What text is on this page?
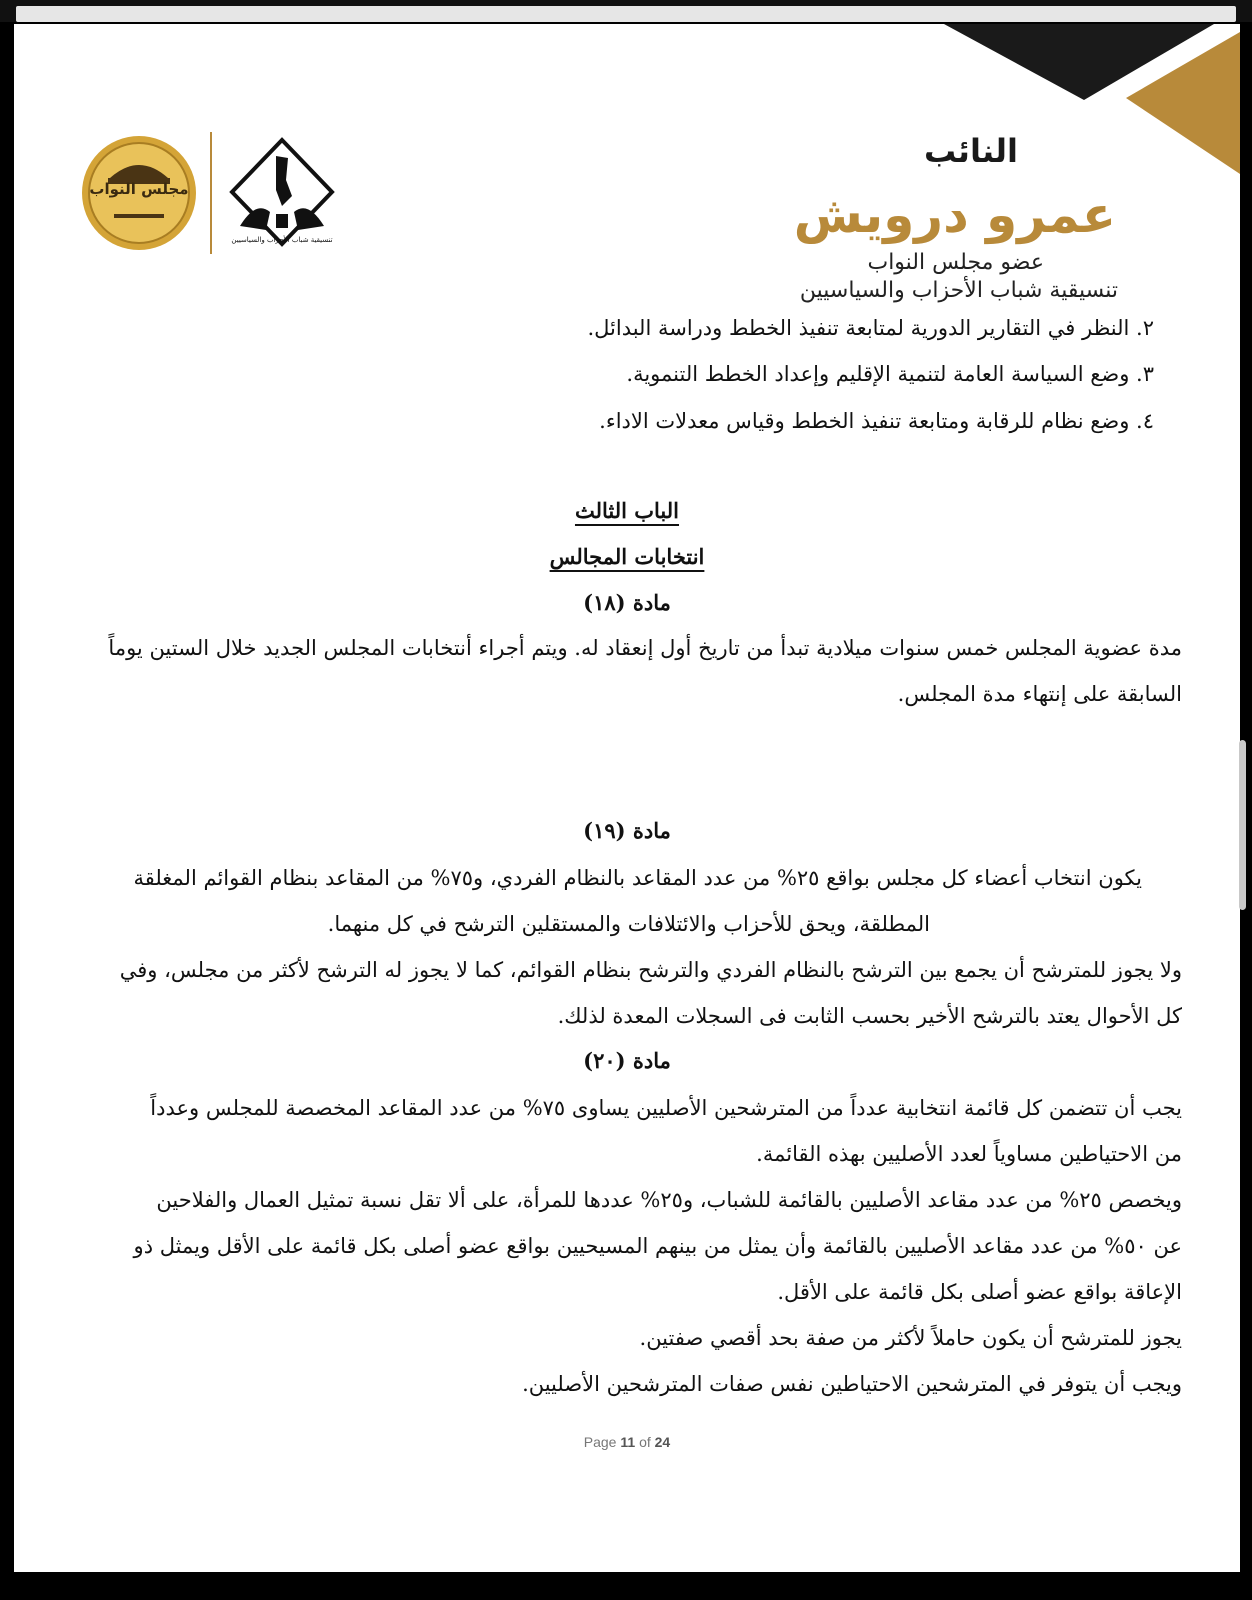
النائب
عمرو درويش
عضو مجلس النواب
تنسيقية شباب الأحزاب والسياسيين
مجلس النواب
تنسيقية شباب الأحزاب والسياسيين
٢. النظر في التقارير الدورية لمتابعة تنفيذ الخطط ودراسة البدائل.
٣. وضع السياسة العامة لتنمية الإقليم وإعداد الخطط التنموية.
٤. وضع نظام للرقابة ومتابعة تنفيذ الخطط وقياس معدلات الاداء.
الباب الثالث
انتخابات المجالس
مادة (١٨)
مدة عضوية المجلس خمس سنوات ميلادية تبدأ من تاريخ أول إنعقاد له. ويتم أجراء أنتخابات المجلس الجديد خلال الستين يوماً
السابقة على إنتهاء مدة المجلس.
مادة (١٩)
يكون انتخاب أعضاء كل مجلس بواقع ٢٥% من عدد المقاعد بالنظام الفردي، و٧٥% من المقاعد بنظام القوائم المغلقة
المطلقة، ويحق للأحزاب والائتلافات والمستقلين الترشح في كل منهما.
ولا يجوز للمترشح أن يجمع بين الترشح بالنظام الفردي والترشح بنظام القوائم، كما لا يجوز له الترشح لأكثر من مجلس، وفي
كل الأحوال يعتد بالترشح الأخير بحسب الثابت فى السجلات المعدة لذلك.
مادة (٢٠)
يجب أن تتضمن كل قائمة انتخابية عدداً من المترشحين الأصليين يساوى ٧٥% من عدد المقاعد المخصصة للمجلس وعدداً
من الاحتياطين مساوياً لعدد الأصليين بهذه القائمة.
ويخصص ٢٥% من عدد مقاعد الأصليين بالقائمة للشباب، و٢٥% عددها للمرأة، على ألا تقل نسبة تمثيل العمال والفلاحين
عن ٥٠% من عدد مقاعد الأصليين بالقائمة وأن يمثل من بينهم المسيحيين بواقع عضو أصلى بكل قائمة على الأقل ويمثل ذو
الإعاقة بواقع عضو أصلى بكل قائمة على الأقل.
يجوز للمترشح أن يكون حاملاً لأكثر من صفة بحد أقصي صفتين.
ويجب أن يتوفر في المترشحين الاحتياطين نفس صفات المترشحين الأصليين.
Page 11 of 24
